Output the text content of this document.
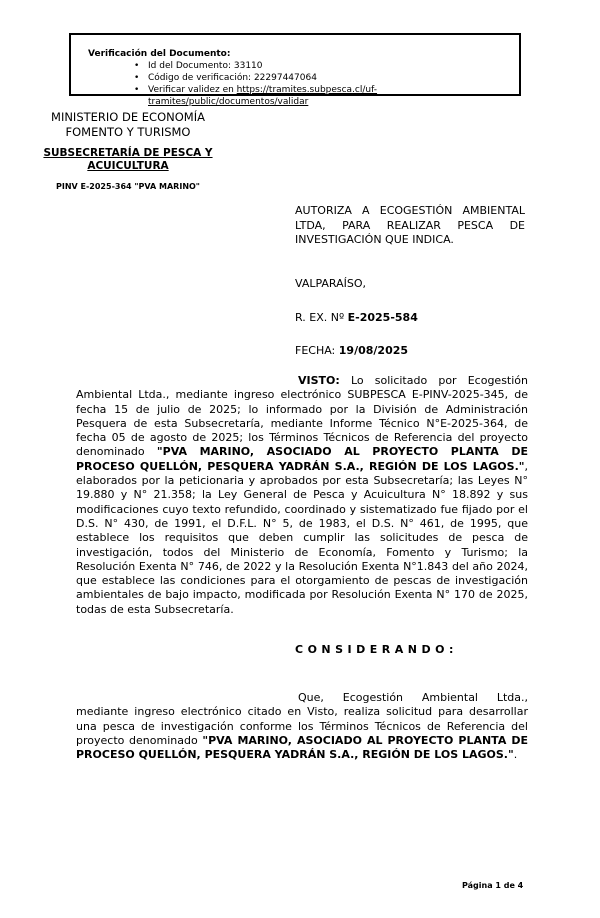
Verificación del Documento:
• Id del Documento: 33110
• Código de verificación: 22297447064
• Verificar validez en https://tramites.subpesca.cl/uf-tramites/public/documentos/validar
MINISTERIO DE ECONOMÍA
FOMENTO Y TURISMO
SUBSECRETARÍA DE PESCA Y
ACUICULTURA
PINV E-2025-364 "PVA MARINO"
AUTORIZA A ECOGESTIÓN AMBIENTAL LTDA, PARA REALIZAR PESCA DE INVESTIGACIÓN QUE INDICA.
VALPARAÍSO,
R. EX. Nº E-2025-584
FECHA: 19/08/2025
VISTO: Lo solicitado por Ecogestión Ambiental Ltda., mediante ingreso electrónico SUBPESCA E-PINV-2025-345, de fecha 15 de julio de 2025; lo informado por la División de Administración Pesquera de esta Subsecretaría, mediante Informe Técnico N°E-2025-364, de fecha 05 de agosto de 2025; los Términos Técnicos de Referencia del proyecto denominado "PVA MARINO, ASOCIADO AL PROYECTO PLANTA DE PROCESO QUELLÓN, PESQUERA YADRÁN S.A., REGIÓN DE LOS LAGOS.", elaborados por la peticionaria y aprobados por esta Subsecretaría; las Leyes N° 19.880 y N° 21.358; la Ley General de Pesca y Acuicultura N° 18.892 y sus modificaciones cuyo texto refundido, coordinado y sistematizado fue fijado por el D.S. N° 430, de 1991, el D.F.L. N° 5, de 1983, el D.S. N° 461, de 1995, que establece los requisitos que deben cumplir las solicitudes de pesca de investigación, todos del Ministerio de Economía, Fomento y Turismo; la Resolución Exenta N° 746, de 2022 y la Resolución Exenta N°1.843 del año 2024, que establece las condiciones para el otorgamiento de pescas de investigación ambientales de bajo impacto, modificada por Resolución Exenta N° 170 de 2025, todas de esta Subsecretaría.
CONSIDERANDO:
Que, Ecogestión Ambiental Ltda., mediante ingreso electrónico citado en Visto, realiza solicitud para desarrollar una pesca de investigación conforme los Términos Técnicos de Referencia del proyecto denominado "PVA MARINO, ASOCIADO AL PROYECTO PLANTA DE PROCESO QUELLÓN, PESQUERA YADRÁN S.A., REGIÓN DE LOS LAGOS.".
Página 1 de 4
